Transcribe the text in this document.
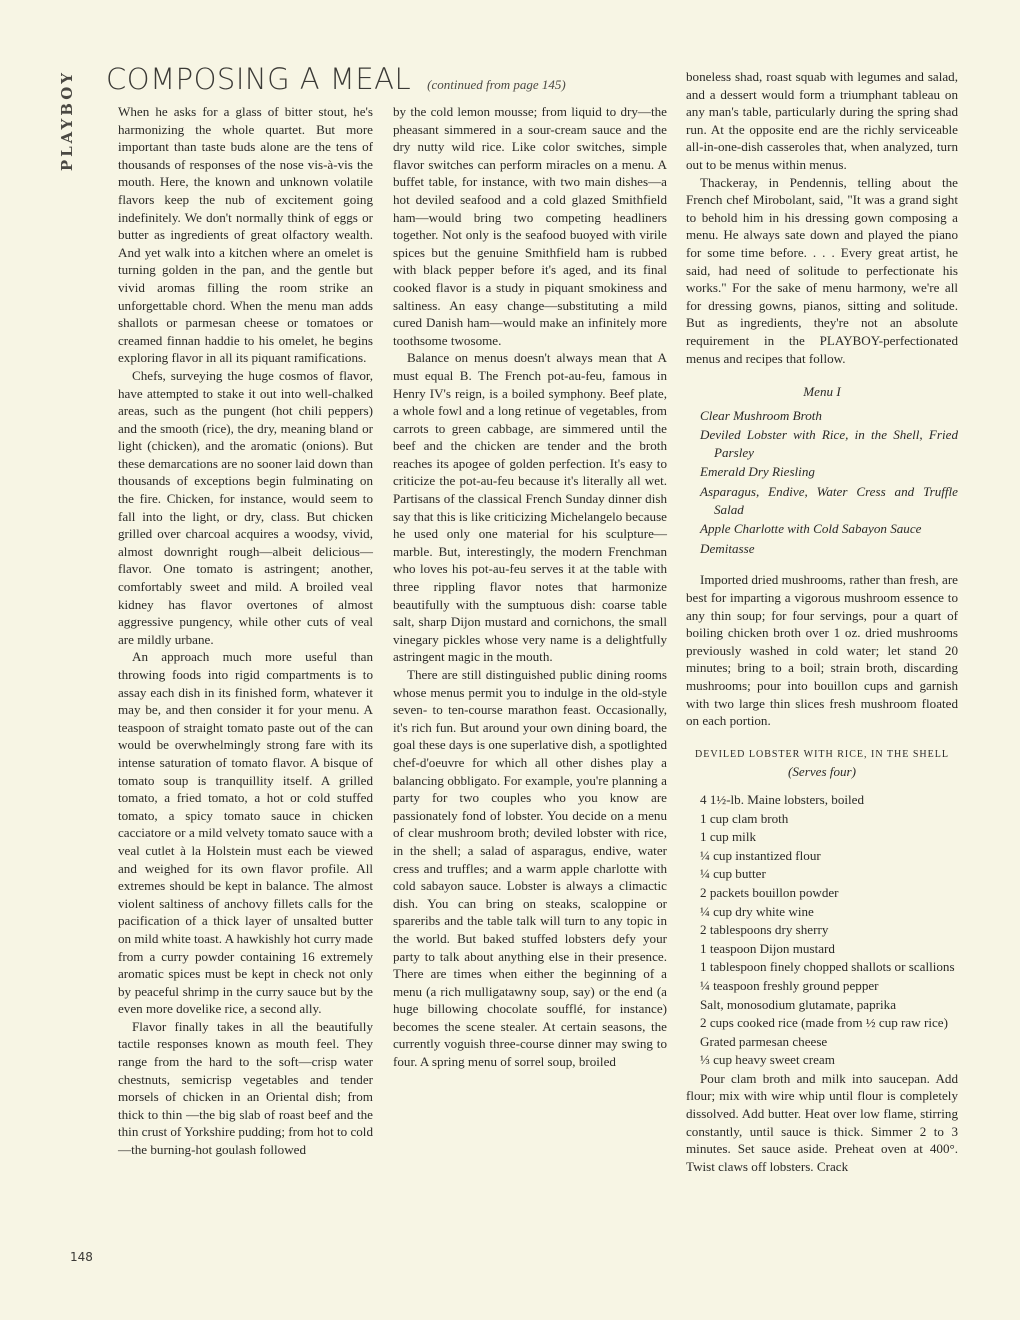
PLAYBOY COMPOSING A MEAL (continued from page 145)

When he asks for a glass of bitter stout, he's harmonizing the whole quartet. But more important than taste buds alone are the tens of thousands of responses of the nose vis-à-vis the mouth. Here, the known and unknown volatile flavors keep the nub of excitement going indefinitely. We don't normally think of eggs or butter as ingredients of great olfactory wealth. And yet walk into a kitchen where an omelet is turning golden in the pan, and the gentle but vivid aromas filling the room strike an unforgettable chord. When the menu man adds shallots or parmesan cheese or tomatoes or creamed finnan haddie to his omelet, he begins exploring flavor in all its piquant ramifications.

Chefs, surveying the huge cosmos of flavor, have attempted to stake it out into well-chalked areas, such as the pungent (hot chili peppers) and the smooth (rice), the dry, meaning bland or light (chicken), and the aromatic (onions). But these demarcations are no sooner laid down than thousands of exceptions begin fulminating on the fire. Chicken, for instance, would seem to fall into the light, or dry, class. But chicken grilled over charcoal acquires a woodsy, vivid, almost downright rough—albeit delicious—flavor. One tomato is astringent; another, comfortably sweet and mild. A broiled veal kidney has flavor overtones of almost aggressive pungency, while other cuts of veal are mildly urbane.

An approach much more useful than throwing foods into rigid compartments is to assay each dish in its finished form, whatever it may be, and then consider it for your menu. A teaspoon of straight tomato paste out of the can would be overwhelmingly strong fare with its intense saturation of tomato flavor. A bisque of tomato soup is tranquillity itself. A grilled tomato, a fried tomato, a hot or cold stuffed tomato, a spicy tomato sauce in chicken cacciatore or a mild velvety tomato sauce with a veal cutlet à la Holstein must each be viewed and weighed for its own flavor profile. All extremes should be kept in balance. The almost violent saltiness of anchovy fillets calls for the pacification of a thick layer of unsalted butter on mild white toast. A hawkishly hot curry made from a curry powder containing 16 extremely aromatic spices must be kept in check not only by peaceful shrimp in the curry sauce but by the even more dovelike rice, a second ally.

Flavor finally takes in all the beautifully tactile responses known as mouth feel. They range from the hard to the soft—crisp water chestnuts, semicrisp vegetables and tender morsels of chicken in an Oriental dish; from thick to thin —the big slab of roast beef and the thin crust of Yorkshire pudding; from hot to cold—the burning-hot goulash followed

by the cold lemon mousse; from liquid to dry—the pheasant simmered in a sour-cream sauce and the dry nutty wild rice. Like color switches, simple flavor switches can perform miracles on a menu. A buffet table, for instance, with two main dishes—a hot deviled seafood and a cold glazed Smithfield ham—would bring two competing headliners together. Not only is the seafood buoyed with virile spices but the genuine Smithfield ham is rubbed with black pepper before it's aged, and its final cooked flavor is a study in piquant smokiness and saltiness. An easy change—substituting a mild cured Danish ham—would make an infinitely more toothsome twosome.

Balance on menus doesn't always mean that A must equal B. The French pot-au-feu, famous in Henry IV's reign, is a boiled symphony. Beef plate, a whole fowl and a long retinue of vegetables, from carrots to green cabbage, are simmered until the beef and the chicken are tender and the broth reaches its apogee of golden perfection. It's easy to criticize the pot-au-feu because it's literally all wet. Partisans of the classical French Sunday dinner dish say that this is like criticizing Michelangelo because he used only one material for his sculpture—marble. But, interestingly, the modern Frenchman who loves his pot-au-feu serves it at the table with three rippling flavor notes that harmonize beautifully with the sumptuous dish: coarse table salt, sharp Dijon mustard and cornichons, the small vinegary pickles whose very name is a delightfully astringent magic in the mouth.

There are still distinguished public dining rooms whose menus permit you to indulge in the old-style seven- to ten-course marathon feast. Occasionally, it's rich fun. But around your own dining board, the goal these days is one superlative dish, a spotlighted chef-d'oeuvre for which all other dishes play a balancing obbligato. For example, you're planning a party for two couples who you know are passionately fond of lobster. You decide on a menu of clear mushroom broth; deviled lobster with rice, in the shell; a salad of asparagus, endive, water cress and truffles; and a warm apple charlotte with cold sabayon sauce. Lobster is always a climactic dish. You can bring on steaks, scaloppine or spareribs and the table talk will turn to any topic in the world. But baked stuffed lobsters defy your party to talk about anything else in their presence. There are times when either the beginning of a menu (a rich mulligatawny soup, say) or the end (a huge billowing chocolate soufflé, for instance) becomes the scene stealer. At certain seasons, the currently voguish three-course dinner may swing to four. A spring menu of sorrel soup, broiled

boneless shad, roast squab with legumes and salad, and a dessert would form a triumphant tableau on any man's table, particularly during the spring shad run. At the opposite end are the richly serviceable all-in-one-dish casseroles that, when analyzed, turn out to be menus within menus.

Thackeray, in Pendennis, telling about the French chef Mirobolant, said, "It was a grand sight to behold him in his dressing gown composing a menu. He always sate down and played the piano for some time before. . . . Every great artist, he said, had need of solitude to perfectionate his works." For the sake of menu harmony, we're all for dressing gowns, pianos, sitting and solitude. But as ingredients, they're not an absolute requirement in the PLAYBOY-perfectionated menus and recipes that follow.

Menu I
Clear Mushroom Broth
Deviled Lobster with Rice, in the Shell, Fried Parsley
Emerald Dry Riesling
Asparagus, Endive, Water Cress and Truffle Salad
Apple Charlotte with Cold Sabayon Sauce
Demitasse

Imported dried mushrooms, rather than fresh, are best for imparting a vigorous mushroom essence to any thin soup; for four servings, pour a quart of boiling chicken broth over 1 oz. dried mushrooms previously washed in cold water; let stand 20 minutes; bring to a boil; strain broth, discarding mushrooms; pour into bouillon cups and garnish with two large thin slices fresh mushroom floated on each portion.

DEVILED LOBSTER WITH RICE, IN THE SHELL
(Serves four)
4 1½-lb. Maine lobsters, boiled
1 cup clam broth
1 cup milk
¼ cup instantized flour
¼ cup butter
2 packets bouillon powder
¼ cup dry white wine
2 tablespoons dry sherry
1 teaspoon Dijon mustard
1 tablespoon finely chopped shallots or scallions
¼ teaspoon freshly ground pepper
Salt, monosodium glutamate, paprika
2 cups cooked rice (made from ½ cup raw rice)
Grated parmesan cheese
⅓ cup heavy sweet cream

Pour clam broth and milk into saucepan. Add flour; mix with wire whip until flour is completely dissolved. Add butter. Heat over low flame, stirring constantly, until sauce is thick. Simmer 2 to 3 minutes. Set sauce aside. Preheat oven at 400°. Twist claws off lobsters. Crack

148
